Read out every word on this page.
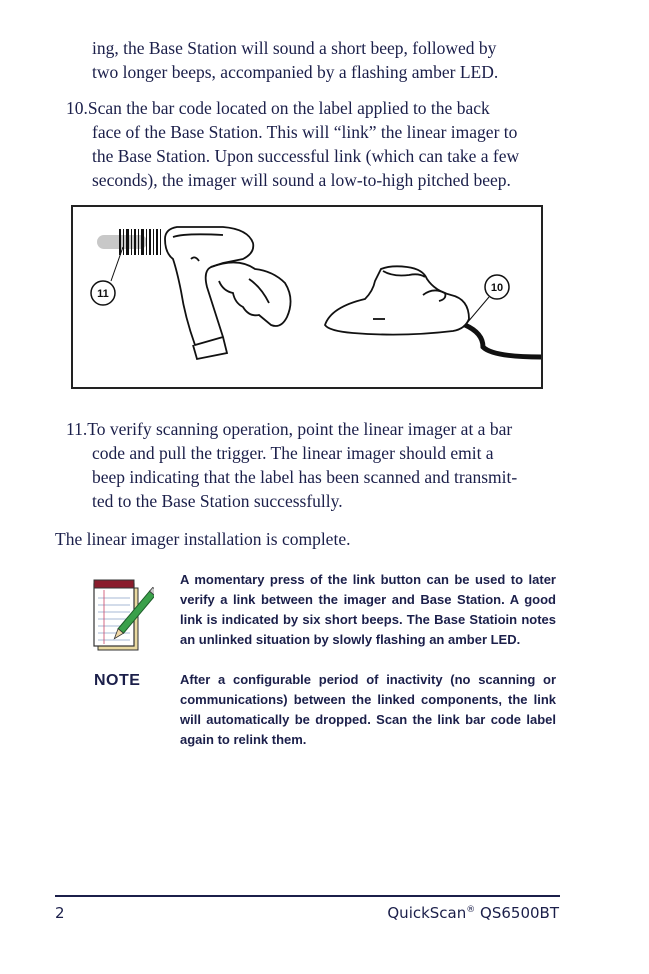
ing, the Base Station will sound a short beep, followed by
two longer beeps, accompanied by a flashing amber LED.
10.Scan the bar code located on the label applied to the back
face of the Base Station. This will “link” the linear imager to
the Base Station. Upon successful link (which can take a few
seconds), the imager will sound a low-to-high pitched beep.
11	10
11.To verify scanning operation, point the linear imager at a bar
code and pull the trigger. The linear imager should emit a
beep indicating that the label has been scanned and transmit-
ted to the Base Station successfully.
The linear imager installation is complete.
NOTE
A momentary press of the link button can be used to later verify a link between the imager and Base Station. A good link is indicated by six short beeps. The Base Statioin notes an unlinked situation by slowly flashing an amber LED.
After a configurable period of inactivity (no scanning or communications) between the linked components, the link will automatically be dropped. Scan the link bar code label again to relink them.
2	QuickScan® QS6500BT
